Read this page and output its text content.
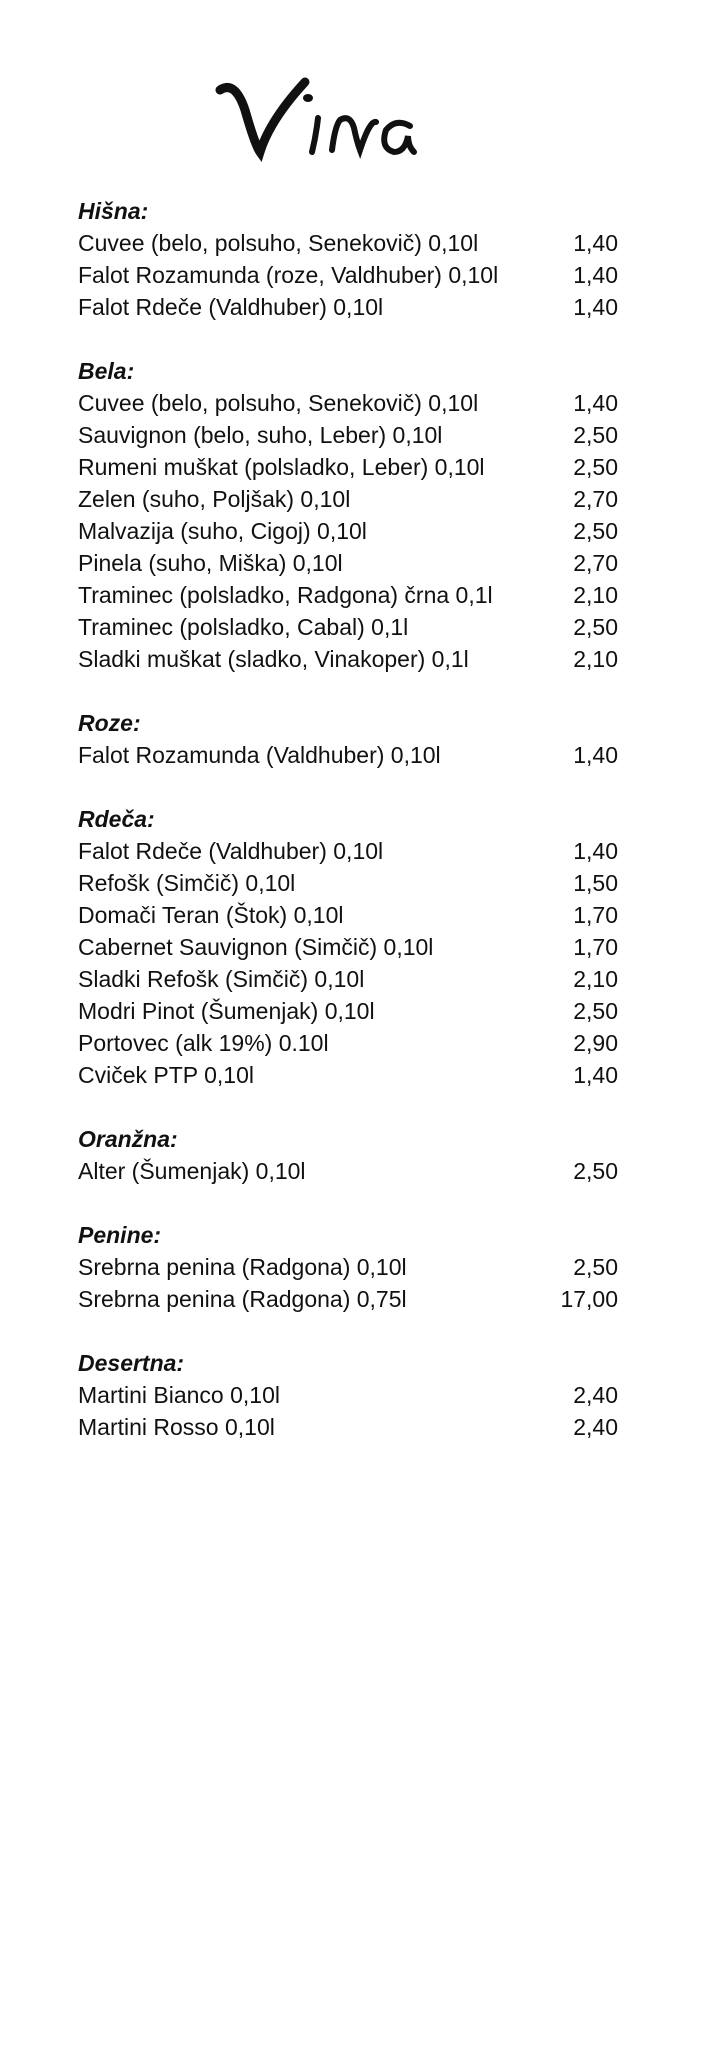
Hišna:
Cuvee (belo, polsuho, Senekovič) 0,10l	1,40
Falot Rozamunda (roze, Valdhuber) 0,10l	1,40
Falot Rdeče (Valdhuber) 0,10l	1,40
Bela:
Cuvee (belo, polsuho, Senekovič) 0,10l	1,40
Sauvignon (belo, suho, Leber) 0,10l	2,50
Rumeni muškat (polsladko, Leber) 0,10l	2,50
Zelen (suho, Poljšak) 0,10l	2,70
Malvazija (suho, Cigoj) 0,10l	2,50
Pinela (suho, Miška) 0,10l	2,70
Traminec (polsladko, Radgona) črna 0,1l	2,10
Traminec (polsladko, Cabal) 0,1l	2,50
Sladki muškat (sladko, Vinakoper) 0,1l	2,10
Roze:
Falot Rozamunda (Valdhuber) 0,10l	1,40
Rdeča:
Falot Rdeče (Valdhuber) 0,10l	1,40
Refošk (Simčič) 0,10l	1,50
Domači Teran (Štok) 0,10l	1,70
Cabernet Sauvignon (Simčič) 0,10l	1,70
Sladki Refošk (Simčič) 0,10l	2,10
Modri Pinot (Šumenjak) 0,10l	2,50
Portovec (alk 19%) 0.10l	2,90
Cviček PTP 0,10l	1,40
Oranžna:
Alter (Šumenjak) 0,10l	2,50
Penine:
Srebrna penina (Radgona) 0,10l	2,50
Srebrna penina (Radgona) 0,75l	17,00
Desertna:
Martini Bianco 0,10l	2,40
Martini Rosso 0,10l	2,40
